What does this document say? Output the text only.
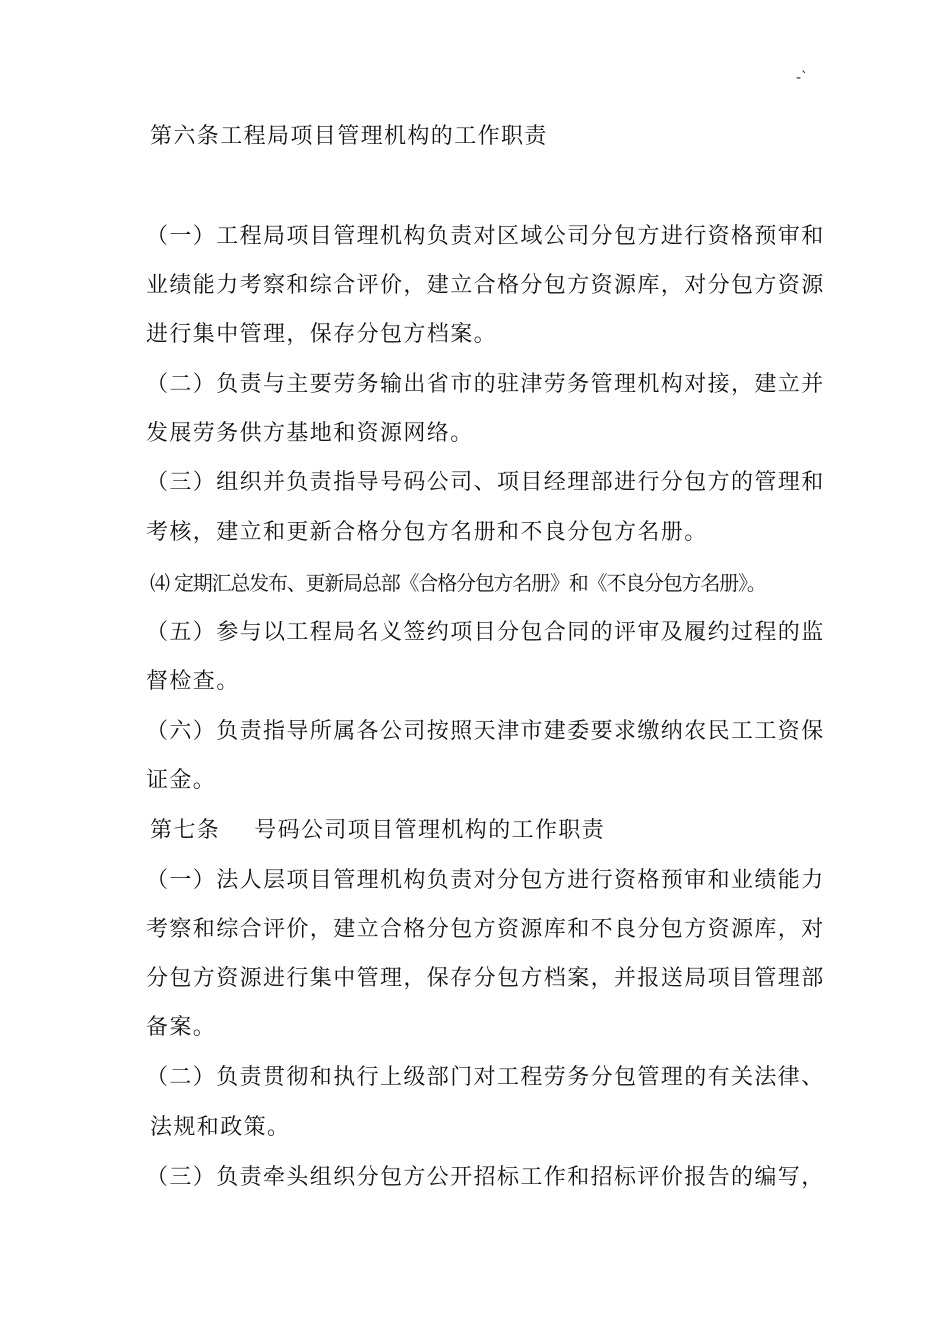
-`
第六条工程局项目管理机构的工作职责
（一）工程局项目管理机构负责对区域公司分包方进行资格预审和
业绩能力考察和综合评价，建立合格分包方资源库，对分包方资源
进行集中管理，保存分包方档案。
（二）负责与主要劳务输出省市的驻津劳务管理机构对接，建立并
发展劳务供方基地和资源网络。
（三）组织并负责指导号码公司、项目经理部进行分包方的管理和
考核，建立和更新合格分包方名册和不良分包方名册。
⑷ 定期汇总发布、更新局总部《合格分包方名册》和《不良分包方名册》。
（五）参与以工程局名义签约项目分包合同的评审及履约过程的监
督检查。
（六）负责指导所属各公司按照天津市建委要求缴纳农民工工资保
证金。
第七条 号码公司项目管理机构的工作职责
（一）法人层项目管理机构负责对分包方进行资格预审和业绩能力
考察和综合评价，建立合格分包方资源库和不良分包方资源库，对
分包方资源进行集中管理，保存分包方档案，并报送局项目管理部
备案。
（二）负责贯彻和执行上级部门对工程劳务分包管理的有关法律、
法规和政策。
（三）负责牵头组织分包方公开招标工作和招标评价报告的编写，
